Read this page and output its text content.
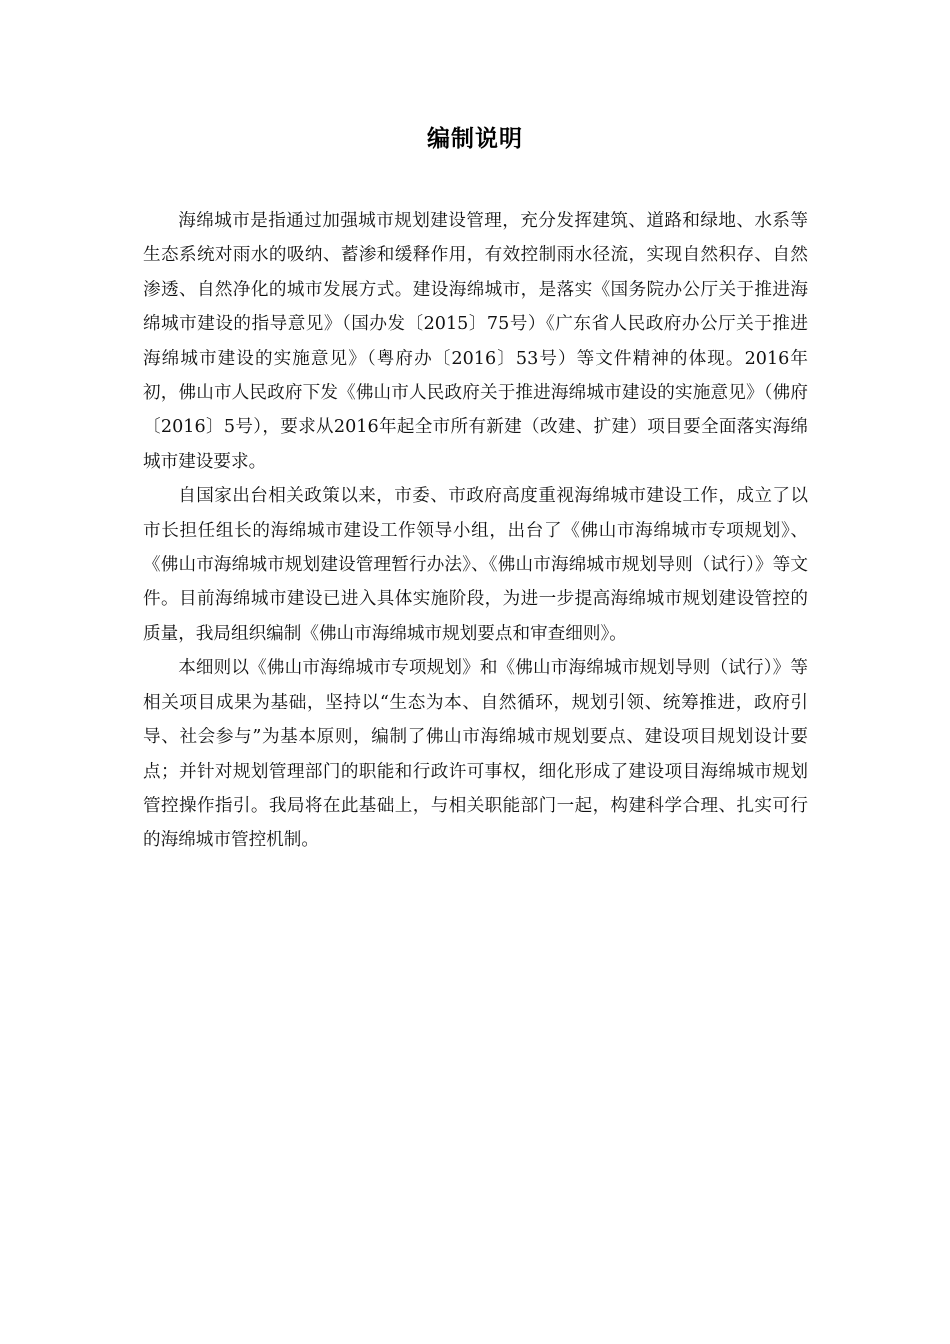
编制说明

海绵城市是指通过加强城市规划建设管理，充分发挥建筑、道路和绿地、水系等生态系统对雨水的吸纳、蓄渗和缓释作用，有效控制雨水径流，实现自然积存、自然渗透、自然净化的城市发展方式。建设海绵城市，是落实《国务院办公厅关于推进海绵城市建设的指导意见》（国办发〔2015〕75号）《广东省人民政府办公厅关于推进海绵城市建设的实施意见》（粤府办〔2016〕53号）等文件精神的体现。2016年初，佛山市人民政府下发《佛山市人民政府关于推进海绵城市建设的实施意见》（佛府〔2016〕5号），要求从2016年起全市所有新建（改建、扩建）项目要全面落实海绵城市建设要求。

自国家出台相关政策以来，市委、市政府高度重视海绵城市建设工作，成立了以市长担任组长的海绵城市建设工作领导小组，出台了《佛山市海绵城市专项规划》、《佛山市海绵城市规划建设管理暂行办法》、《佛山市海绵城市规划导则（试行）》等文件。目前海绵城市建设已进入具体实施阶段，为进一步提高海绵城市规划建设管控的质量，我局组织编制《佛山市海绵城市规划要点和审查细则》。

本细则以《佛山市海绵城市专项规划》和《佛山市海绵城市规划导则（试行）》等相关项目成果为基础，坚持以“生态为本、自然循环，规划引领、统筹推进，政府引导、社会参与”为基本原则，编制了佛山市海绵城市规划要点、建设项目规划设计要点；并针对规划管理部门的职能和行政许可事权，细化形成了建设项目海绵城市规划管控操作指引。我局将在此基础上，与相关职能部门一起，构建科学合理、扎实可行的海绵城市管控机制。
